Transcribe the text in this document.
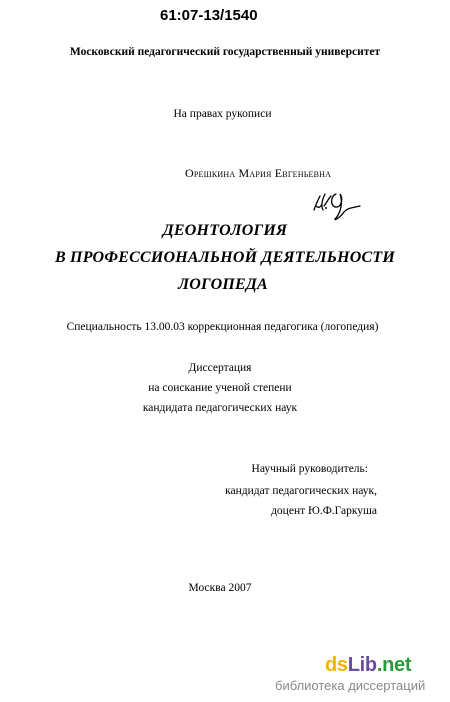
61:07-13/1540
Московский педагогический государственный университет
На правах рукописи
Орешкина Мария Евгеньевна
ДЕОНТОЛОГИЯ
В ПРОФЕССИОНАЛЬНОЙ ДЕЯТЕЛЬНОСТИ
ЛОГОПЕДА
Специальность 13.00.03 коррекционная педагогика (логопедия)
Диссертация
на соискание ученой степени
кандидата педагогических наук
Научный руководитель:
кандидат педагогических наук,
доцент Ю.Ф.Гаркуша
Москва 2007
dsLib.net
библиотека диссертаций
